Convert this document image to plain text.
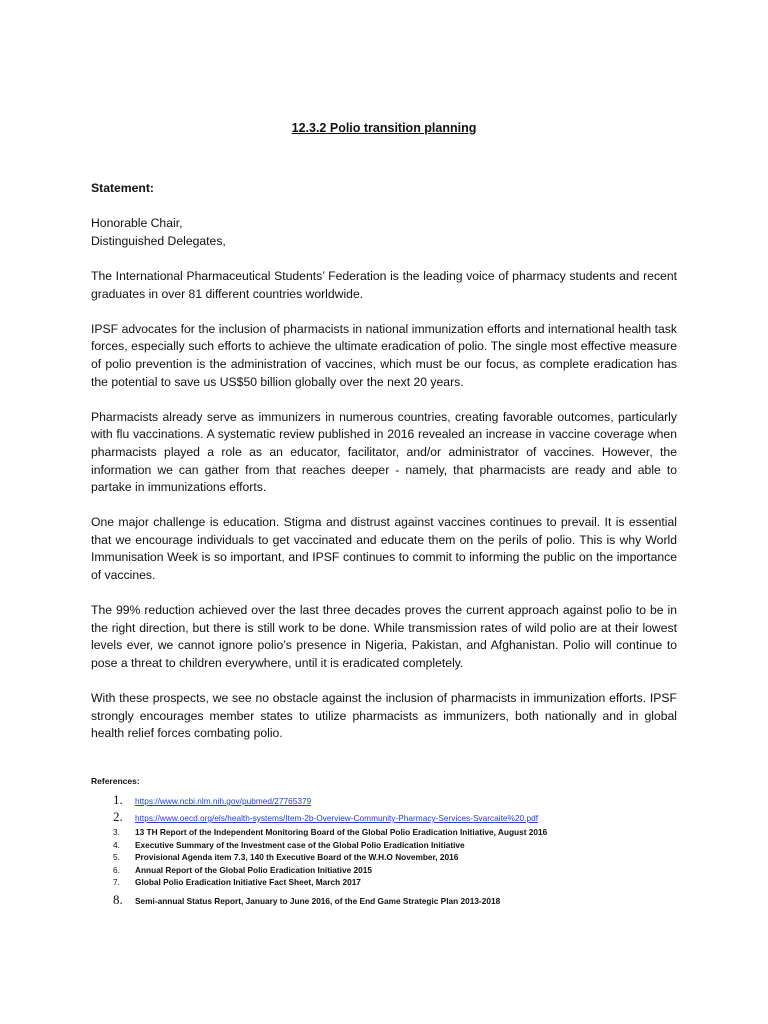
12.3.2 Polio transition planning

Statement:

Honorable Chair,
Distinguished Delegates,

The International Pharmaceutical Students’ Federation is the leading voice of pharmacy students and recent graduates in over 81 different countries worldwide.

IPSF advocates for the inclusion of pharmacists in national immunization efforts and international health task forces, especially such efforts to achieve the ultimate eradication of polio. The single most effective measure of polio prevention is the administration of vaccines, which must be our focus, as complete eradication has the potential to save us US$50 billion globally over the next 20 years.

Pharmacists already serve as immunizers in numerous countries, creating favorable outcomes, particularly with flu vaccinations. A systematic review published in 2016 revealed an increase in vaccine coverage when pharmacists played a role as an educator, facilitator, and/or administrator of vaccines. However, the information we can gather from that reaches deeper - namely, that pharmacists are ready and able to partake in immunizations efforts.

One major challenge is education. Stigma and distrust against vaccines continues to prevail. It is essential that we encourage individuals to get vaccinated and educate them on the perils of polio. This is why World Immunisation Week is so important, and IPSF continues to commit to informing the public on the importance of vaccines.

The 99% reduction achieved over the last three decades proves the current approach against polio to be in the right direction, but there is still work to be done. While transmission rates of wild polio are at their lowest levels ever, we cannot ignore polio’s presence in Nigeria, Pakistan, and Afghanistan. Polio will continue to pose a threat to children everywhere, until it is eradicated completely.

With these prospects, we see no obstacle against the inclusion of pharmacists in immunization efforts. IPSF strongly encourages member states to utilize pharmacists as immunizers, both nationally and in global health relief forces combating polio.

References:
1.	https://www.ncbi.nlm.nih.gov/pubmed/27765379
2.	https://www.oecd.org/els/health-systems/Item-2b-Overview-Community-Pharmacy-Services-Svarcaite%20.pdf
3.	13 TH Report of the Independent Monitoring Board of the Global Polio Eradication Initiative, August 2016
4.	Executive Summary of the Investment case of the Global Polio Eradication Initiative
5.	Provisional Agenda item 7.3, 140 th Executive Board of the W.H.O November, 2016
6.	Annual Report of the Global Polio Eradication Initiative 2015
7.	Global Polio Eradication Initiative Fact Sheet, March 2017
8.	Semi-annual Status Report, January to June 2016, of the End Game Strategic Plan 2013-2018
